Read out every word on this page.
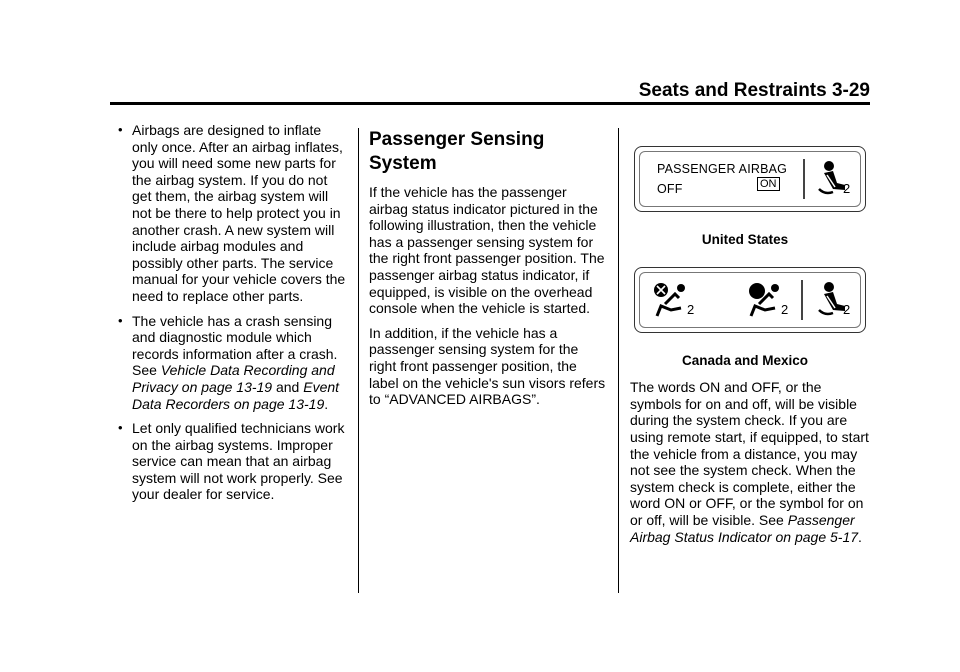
Seats and Restraints 3-29
• Airbags are designed to inflate only once. After an airbag inflates, you will need some new parts for the airbag system. If you do not get them, the airbag system will not be there to help protect you in another crash. A new system will include airbag modules and possibly other parts. The service manual for your vehicle covers the need to replace other parts.
• The vehicle has a crash sensing and diagnostic module which records information after a crash. See Vehicle Data Recording and Privacy on page 13-19 and Event Data Recorders on page 13-19.
• Let only qualified technicians work on the airbag systems. Improper service can mean that an airbag system will not work properly. See your dealer for service.
Passenger Sensing System

If the vehicle has the passenger airbag status indicator pictured in the following illustration, then the vehicle has a passenger sensing system for the right front passenger position. The passenger airbag status indicator, if equipped, is visible on the overhead console when the vehicle is started.

In addition, if the vehicle has a passenger sensing system for the right front passenger position, the label on the vehicle's sun visors refers to “ADVANCED AIRBAGS”.

PASSENGER AIRBAG
OFF	ON	2
United States
2	2	2
Canada and Mexico

The words ON and OFF, or the symbols for on and off, will be visible during the system check. If you are using remote start, if equipped, to start the vehicle from a distance, you may not see the system check. When the system check is complete, either the word ON or OFF, or the symbol for on or off, will be visible. See Passenger Airbag Status Indicator on page 5-17.
